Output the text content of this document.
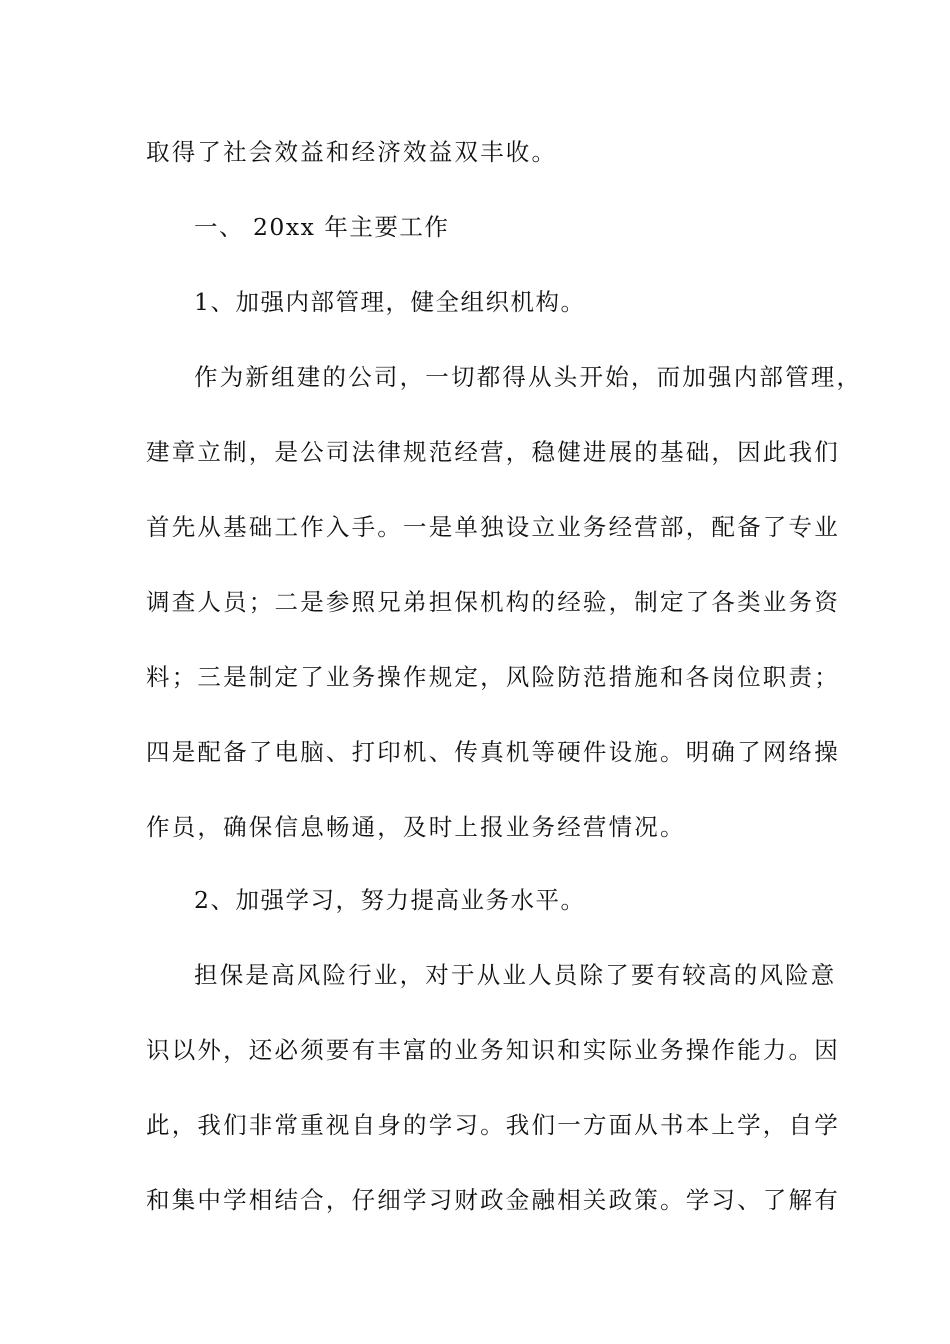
取得了社会效益和经济效益双丰收。
一、 20xx 年主要工作
1、加强内部管理，健全组织机构。
作为新组建的公司，一切都得从头开始，而加强内部管理，
建章立制，是公司法律规范经营，稳健进展的基础，因此我们
首先从基础工作入手。一是单独设立业务经营部，配备了专业
调查人员；二是参照兄弟担保机构的经验，制定了各类业务资
料；三是制定了业务操作规定，风险防范措施和各岗位职责；
四是配备了电脑、打印机、传真机等硬件设施。明确了网络操
作员，确保信息畅通，及时上报业务经营情况。
2、加强学习，努力提高业务水平。
担保是高风险行业，对于从业人员除了要有较高的风险意
识以外，还必须要有丰富的业务知识和实际业务操作能力。因
此，我们非常重视自身的学习。我们一方面从书本上学，自学
和集中学相结合，仔细学习财政金融相关政策。学习、了解有
